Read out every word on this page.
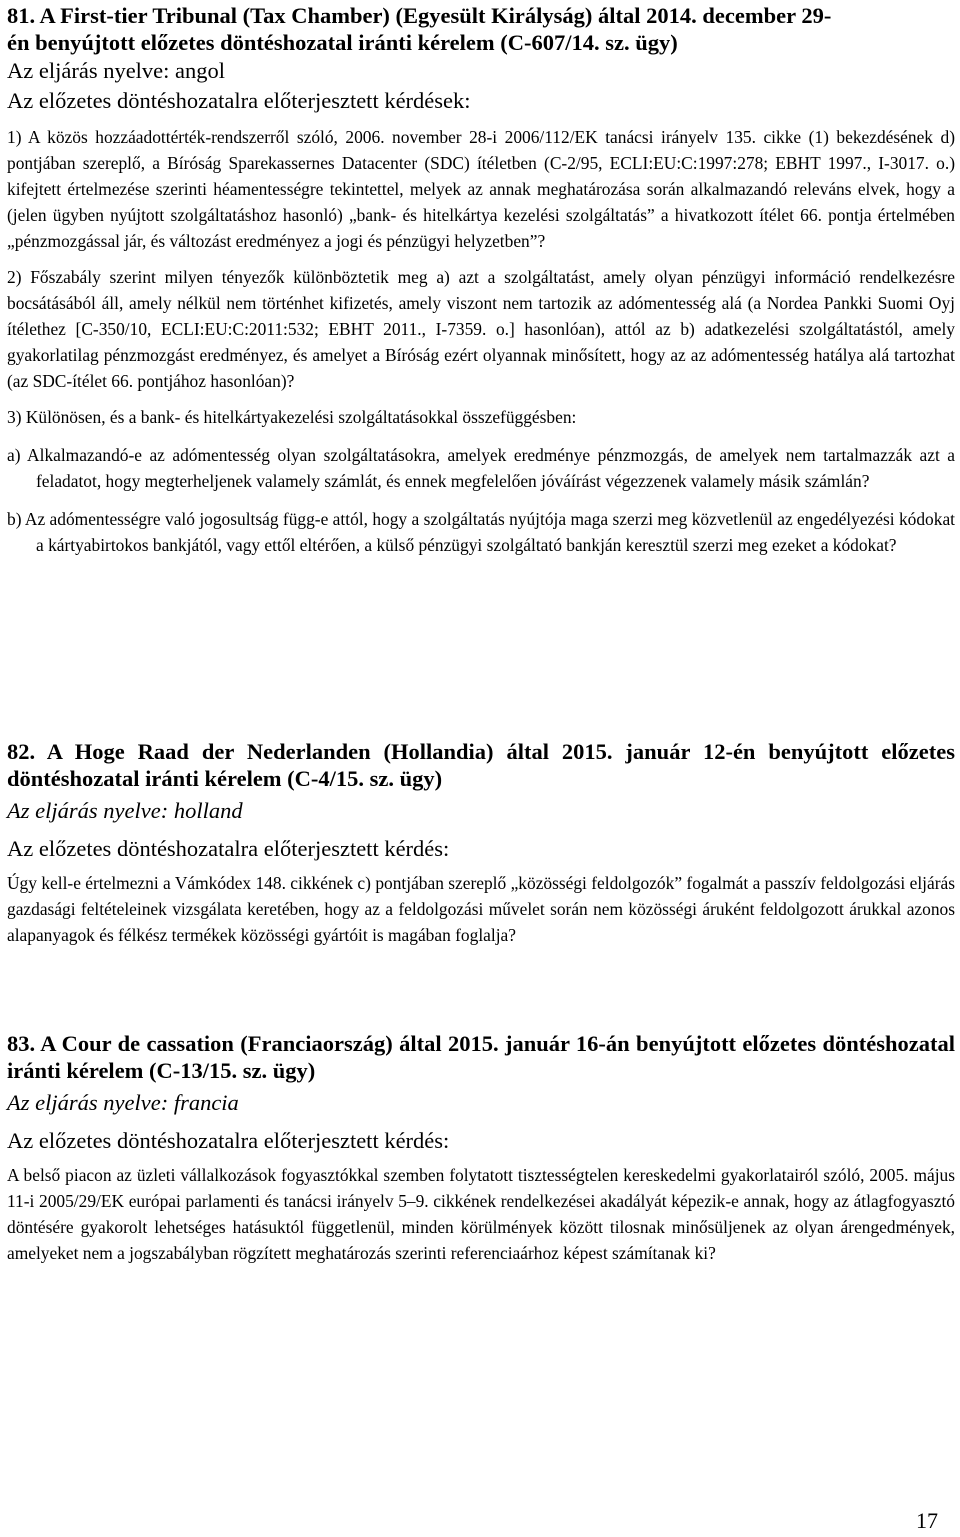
81. A First-tier Tribunal (Tax Chamber) (Egyesült Királyság) által 2014. december 29-
én benyújtott előzetes döntéshozatal iránti kérelem (C-607/14. sz. ügy)

Az eljárás nyelve: angol

Az előzetes döntéshozatalra előterjesztett kérdések:

1) A közös hozzáadottérték-rendszerről szóló, 2006. november 28-i 2006/112/EK tanácsi irányelv 135. cikke (1) bekezdésének d) pontjában szereplő, a Bíróság Sparekassernes Datacenter (SDC) ítéletben (C-2/95, ECLI:EU:C:1997:278; EBHT 1997., I-3017. o.) kifejtett értelmezése szerinti héamentességre tekintettel, melyek az annak meghatározása során alkalmazandó releváns elvek, hogy a (jelen ügyben nyújtott szolgáltatáshoz hasonló) „bank- és hitelkártya kezelési szolgáltatás” a hivatkozott ítélet 66. pontja értelmében „pénzmozgással jár, és változást eredményez a jogi és pénzügyi helyzetben”?

2) Főszabály szerint milyen tényezők különböztetik meg a) azt a szolgáltatást, amely olyan pénzügyi információ rendelkezésre bocsátásából áll, amely nélkül nem történhet kifizetés, amely viszont nem tartozik az adómentesség alá (a Nordea Pankki Suomi Oyj ítélethez [C-350/10, ECLI:EU:C:2011:532; EBHT 2011., I-7359. o.] hasonlóan), attól az b) adatkezelési szolgáltatástól, amely gyakorlatilag pénzmozgást eredményez, és amelyet a Bíróság ezért olyannak minősített, hogy az az adómentesség hatálya alá tartozhat (az SDC-ítélet 66. pontjához hasonlóan)?

3) Különösen, és a bank- és hitelkártyakezelési szolgáltatásokkal összefüggésben:

a) Alkalmazandó-e az adómentesség olyan szolgáltatásokra, amelyek eredménye pénzmozgás, de amelyek nem tartalmazzák azt a feladatot, hogy megterheljenek valamely számlát, és ennek megfelelően jóváírást végezzenek valamely másik számlán?

b) Az adómentességre való jogosultság függ-e attól, hogy a szolgáltatás nyújtója maga szerzi meg közvetlenül az engedélyezési kódokat a kártyabirtokos bankjától, vagy ettől eltérően, a külső pénzügyi szolgáltató bankján keresztül szerzi meg ezeket a kódokat?

82. A Hoge Raad der Nederlanden (Hollandia) által 2015. január 12-én benyújtott előzetes döntéshozatal iránti kérelem (C-4/15. sz. ügy)

Az eljárás nyelve: holland

Az előzetes döntéshozatalra előterjesztett kérdés:

Úgy kell-e értelmezni a Vámkódex 148. cikkének c) pontjában szereplő „közösségi feldolgozók” fogalmát a passzív feldolgozási eljárás gazdasági feltételeinek vizsgálata keretében, hogy az a feldolgozási művelet során nem közösségi áruként feldolgozott árukkal azonos alapanyagok és félkész termékek közösségi gyártóit is magában foglalja?

83. A Cour de cassation (Franciaország) által 2015. január 16-án benyújtott előzetes döntéshozatal iránti kérelem (C-13/15. sz. ügy)

Az eljárás nyelve: francia

Az előzetes döntéshozatalra előterjesztett kérdés:

A belső piacon az üzleti vállalkozások fogyasztókkal szemben folytatott tisztességtelen kereskedelmi gyakorlatairól szóló, 2005. május 11-i 2005/29/EK európai parlamenti és tanácsi irányelv 5–9. cikkének rendelkezései akadályát képezik-e annak, hogy az átlagfogyasztó döntésére gyakorolt lehetséges hatásuktól függetlenül, minden körülmények között tilosnak minősüljenek az olyan árengedmények, amelyeket nem a jogszabályban rögzített meghatározás szerinti referenciaárhoz képest számítanak ki?

17
